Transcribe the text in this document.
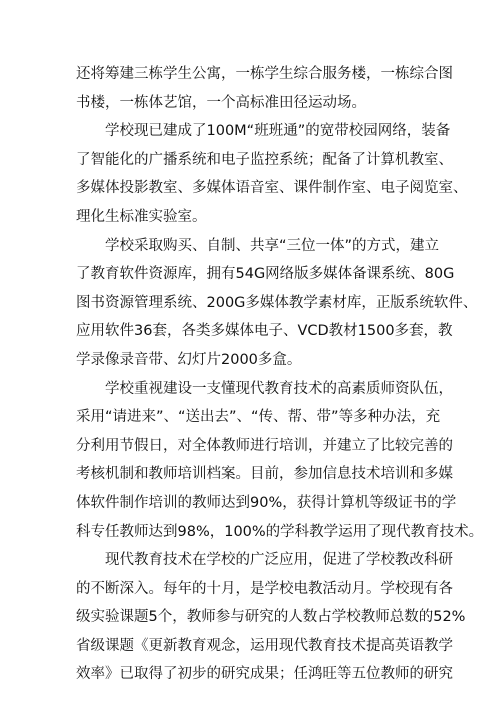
还将筹建三栋学生公寓，一栋学生综合服务楼，一栋综合图
书楼，一栋体艺馆，一个高标准田径运动场。
学校现已建成了100M“班班通”的宽带校园网络，装备
了智能化的广播系统和电子监控系统；配备了计算机教室、
多媒体投影教室、多媒体语音室、课件制作室、电子阅览室、
理化生标准实验室。
学校采取购买、自制、共享“三位一体”的方式，建立
了教育软件资源库，拥有54G网络版多媒体备课系统、80G
图书资源管理系统、200G多媒体教学素材库，正版系统软件、
应用软件36套，各类多媒体电子、VCD教材1500多套，教
学录像录音带、幻灯片2000多盒。
学校重视建设一支懂现代教育技术的高素质师资队伍，
采用“请进来”、“送出去”、“传、帮、带”等多种办法，充
分利用节假日，对全体教师进行培训，并建立了比较完善的
考核机制和教师培训档案。目前，参加信息技术培训和多媒
体软件制作培训的教师达到90%，获得计算机等级证书的学
科专任教师达到98%，100%的学科教学运用了现代教育技术。
现代教育技术在学校的广泛应用，促进了学校教改科研
的不断深入。每年的十月，是学校电教活动月。学校现有各
级实验课题5个，教师参与研究的人数占学校教师总数的52%
省级课题《更新教育观念，运用现代教育技术提高英语教学
效率》已取得了初步的研究成果；任鸿旺等五位教师的研究
